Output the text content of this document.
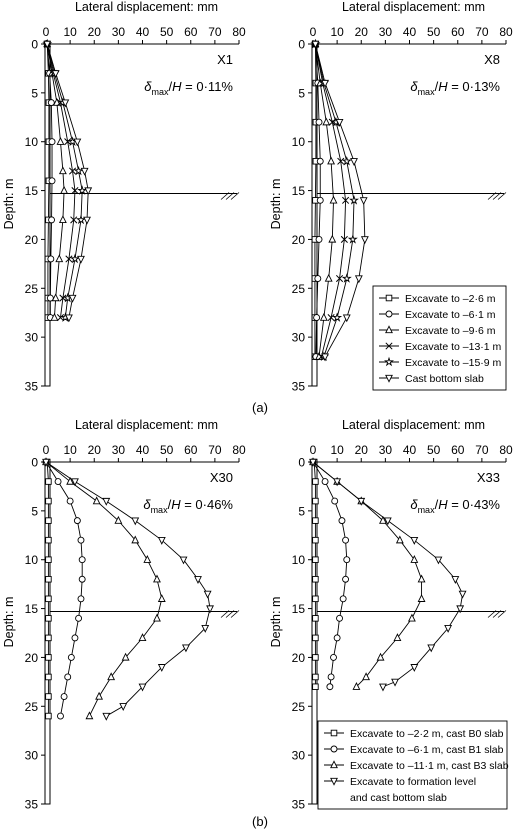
(a)
(b)
Lateral displacement: mm
0 10 20 30 40 50 60 70 80
0
5
10
15
20
25
30
35
Depth: m
X1
$\delta_{max}/H = 0\cdot 11\%$
Lateral displacement: mm
0 10 20 30 40 50 60 70 80
0
5
10
15
20
25
30
35
Depth: m
X8
$\delta_{max}/H = 0\cdot 13\%$
Lateral displacement: mm
0 10 20 30 40 50 60 70 80
0
5
10
15
20
25
30
35
Depth: m
X30
$\delta_{max}/H = 0\cdot 46\%$
Lateral displacement: mm
0 10 20 30 40 50 60 70 80
0
5
10
15
20
25
30
35
Depth: m
X33
$\delta_{max}/H = 0\cdot 43\%$
Excavate to –2·6 m
Excavate to –6·1 m
Excavate to –9·6 m
Excavate to –13·1 m
Excavate to –15·9 m
Cast bottom slab
Excavate to –2·2 m, cast B0 slab
Excavate to –6·1 m, cast B1 slab
Excavate to –11·1 m, cast B3 slab
Excavate to formation level
and cast bottom slab
